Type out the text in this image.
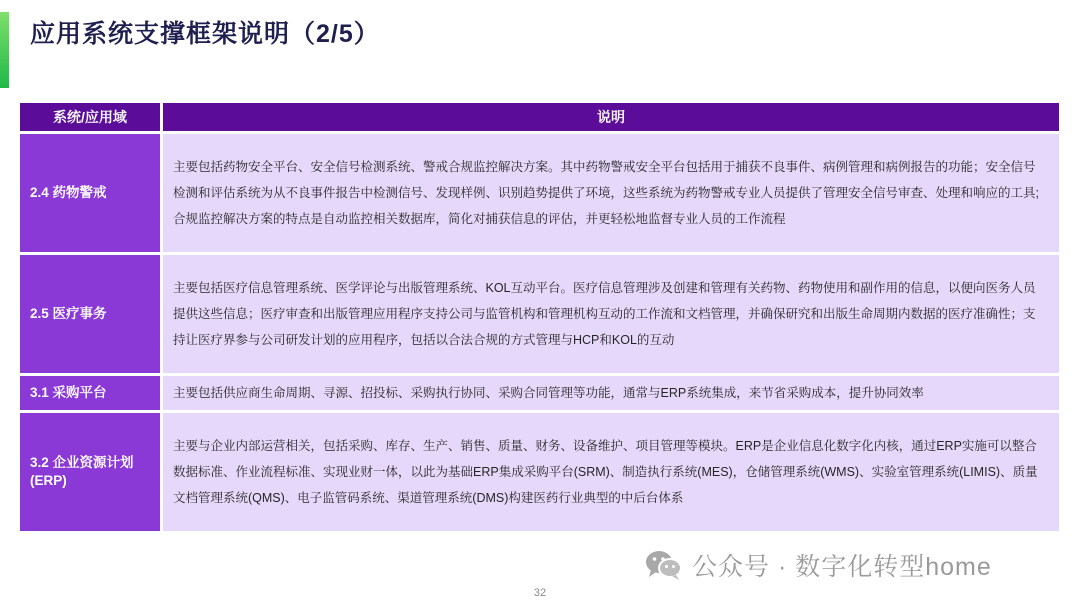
应用系统支撑框架说明（2/5）
系统/应用域	说明
2.4 药物警戒	主要包括药物安全平台、安全信号检测系统、警戒合规监控解决方案。其中药物警戒安全平台包括用于捕获不良事件、病例管理和病例报告的功能；安全信号检测和评估系统为从不良事件报告中检测信号、发现样例、识别趋势提供了环境，这些系统为药物警戒专业人员提供了管理安全信号审查、处理和响应的工具;合规监控解决方案的特点是自动监控相关数据库，简化对捕获信息的评估，并更轻松地监督专业人员的工作流程
2.5 医疗事务	主要包括医疗信息管理系统、医学评论与出版管理系统、KOL互动平台。医疗信息管理涉及创建和管理有关药物、药物使用和副作用的信息，以便向医务人员提供这些信息；医疗审查和出版管理应用程序支持公司与监管机构和管理机构互动的工作流和文档管理，并确保研究和出版生命周期内数据的医疗准确性；支持让医疗界参与公司研发计划的应用程序，包括以合法合规的方式管理与HCP和KOL的互动
3.1 采购平台	主要包括供应商生命周期、寻源、招投标、采购执行协同、采购合同管理等功能，通常与ERP系统集成，来节省采购成本，提升协同效率
3.2 企业资源计划
(ERP)	主要与企业内部运营相关，包括采购、库存、生产、销售、质量、财务、设备维护、项目管理等模块。ERP是企业信息化数字化内核，通过ERP实施可以整合数据标准、作业流程标准、实现业财一体，以此为基础ERP集成采购平台(SRM)、制造执行系统(MES)，仓储管理系统(WMS)、实验室管理系统(LIMIS)、质量文档管理系统(QMS)、电子监管码系统、渠道管理系统(DMS)构建医药行业典型的中后台体系
公众号 · 数字化转型home
32
